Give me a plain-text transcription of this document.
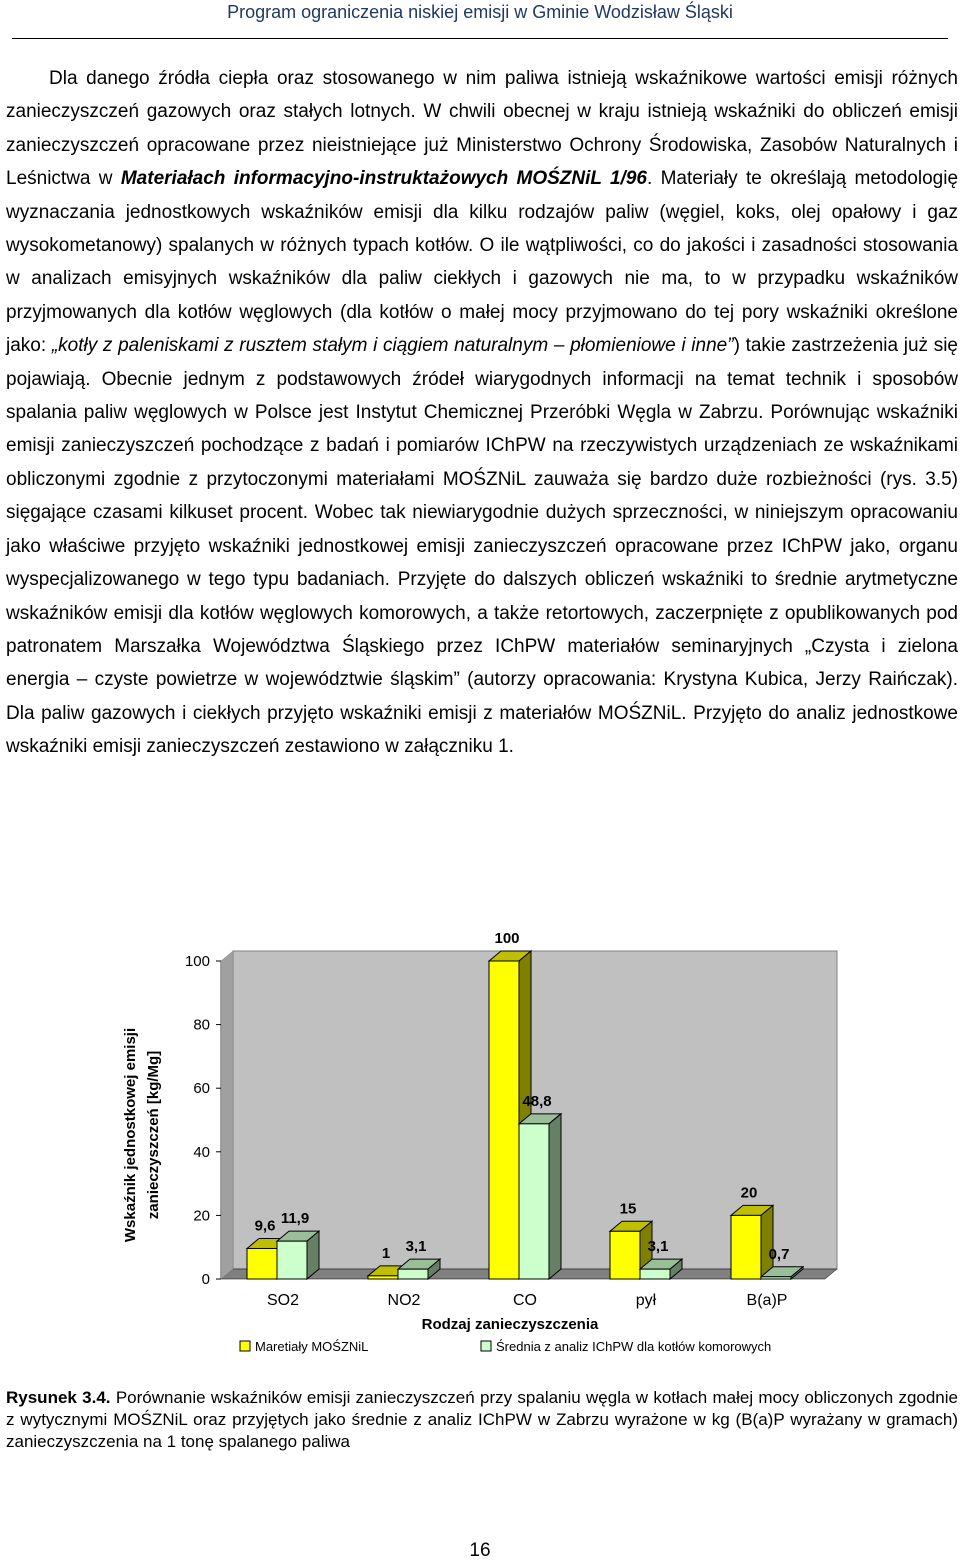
Program ograniczenia niskiej emisji w Gminie Wodzisław Śląski

Dla danego źródła ciepła oraz stosowanego w nim paliwa istnieją wskaźnikowe wartości emisji różnych zanieczyszczeń gazowych oraz stałych lotnych. W chwili obecnej w kraju istnieją wskaźniki do obliczeń emisji zanieczyszczeń opracowane przez nieistniejące już Ministerstwo Ochrony Środowiska, Zasobów Naturalnych i Leśnictwa w Materiałach informacyjno-instruktażowych MOŚZNiL 1/96. Materiały te określają metodologię wyznaczania jednostkowych wskaźników emisji dla kilku rodzajów paliw (węgiel, koks, olej opałowy i gaz wysokometanowy) spalanych w różnych typach kotłów. O ile wątpliwości, co do jakości i zasadności stosowania w analizach emisyjnych wskaźników dla paliw ciekłych i gazowych nie ma, to w przypadku wskaźników przyjmowanych dla kotłów węglowych (dla kotłów o małej mocy przyjmowano do tej pory wskaźniki określone jako: „kotły z paleniskami z rusztem stałym i ciągiem naturalnym – płomieniowe i inne”) takie zastrzeżenia już się pojawiają. Obecnie jednym z podstawowych źródeł wiarygodnych informacji na temat technik i sposobów spalania paliw węglowych w Polsce jest Instytut Chemicznej Przeróbki Węgla w Zabrzu. Porównując wskaźniki emisji zanieczyszczeń pochodzące z badań i pomiarów IChPW na rzeczywistych urządzeniach ze wskaźnikami obliczonymi zgodnie z przytoczonymi materiałami MOŚZNiL zauważa się bardzo duże rozbieżności (rys. 3.5) sięgające czasami kilkuset procent. Wobec tak niewiarygodnie dużych sprzeczności, w niniejszym opracowaniu jako właściwe przyjęto wskaźniki jednostkowej emisji zanieczyszczeń opracowane przez IChPW jako, organu wyspecjalizowanego w tego typu badaniach. Przyjęte do dalszych obliczeń wskaźniki to średnie arytmetyczne wskaźników emisji dla kotłów węglowych komorowych, a także retortowych, zaczerpnięte z opublikowanych pod patronatem Marszałka Województwa Śląskiego przez IChPW materiałów seminaryjnych „Czysta i zielona energia – czyste powietrze w województwie śląskim” (autorzy opracowania: Krystyna Kubica, Jerzy Raińczak). Dla paliw gazowych i ciekłych przyjęto wskaźniki emisji z materiałów MOŚZNiL. Przyjęto do analiz jednostkowe wskaźniki emisji zanieczyszczeń zestawiono w załączniku 1.

0
20
40
60
80
100
9,6 11,9
1 3,1
100
48,8
15
3,1
20
0,7
SO2	NO2	CO	pył	B(a)P
Rodzaj zanieczyszczenia
Wskaźnik jednostkowej emisji zanieczyszczeń [kg/Mg]
Maretiały MOŚZNiL	Średnia z analiz IChPW dla kotłów komorowych
Rysunek 3.4. Porównanie wskaźników emisji zanieczyszczeń przy spalaniu węgla w kotłach małej mocy obliczonych zgodnie z wytycznymi MOŚZNiL oraz przyjętych jako średnie z analiz IChPW w Zabrzu wyrażone w kg (B(a)P wyrażany w gramach) zanieczyszczenia na 1 tonę spalanego paliwa
16
